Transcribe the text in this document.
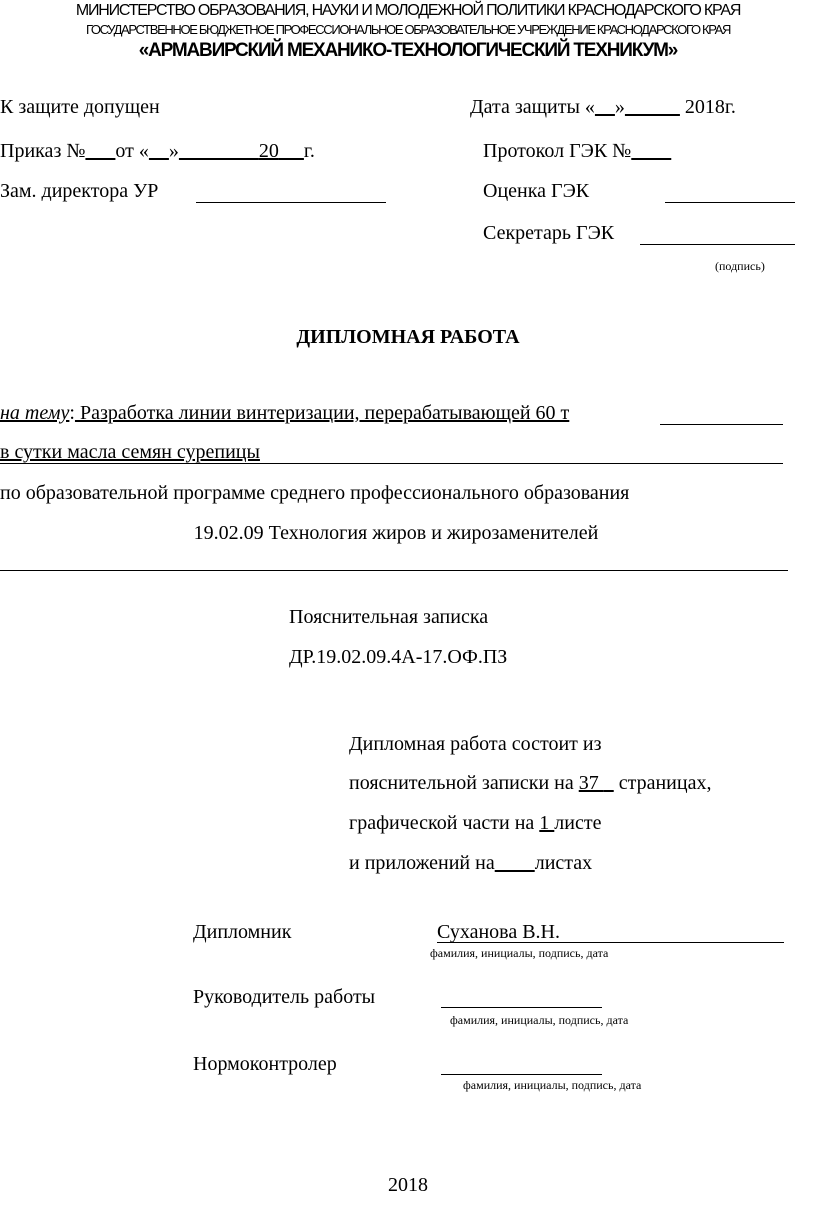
МИНИСТЕРСТВО ОБРАЗОВАНИЯ, НАУКИ И МОЛОДЕЖНОЙ ПОЛИТИКИ КРАСНОДАРСКОГО КРАЯ
ГОСУДАРСТВЕННОЕ БЮДЖЕТНОЕ ПРОФЕССИОНАЛЬНОЕ ОБРАЗОВАТЕЛЬНОЕ УЧРЕЖДЕНИЕ КРАСНОДАРСКОГО КРАЯ
«АРМАВИРСКИЙ МЕХАНИКО-ТЕХНОЛОГИЧЕСКИЙ ТЕХНИКУМ»
К защите допущен
Приказ № от « »	20 г.
Зам. директора УР
Дата защиты « »	2018г.
Протокол ГЭК №
Оценка ГЭК
Секретарь ГЭК
(подпись)
ДИПЛОМНАЯ РАБОТА
на тему: Разработка линии винтеризации, перерабатывающей 60 т
в сутки масла семян сурепицы
по образовательной программе среднего профессионального образования
19.02.09 Технология жиров и жирозаменителей
Пояснительная записка
ДР.19.02.09.4А-17.ОФ.ПЗ
Дипломная работа состоит из
пояснительной записки на 37    страницах,
графической части на 1 листе
и приложений на листах
Дипломник	Суханова В.Н.
фамилия, инициалы, подпись, дата
Руководитель работы
фамилия, инициалы, подпись, дата
Нормоконтролер
фамилия, инициалы, подпись, дата
2018
